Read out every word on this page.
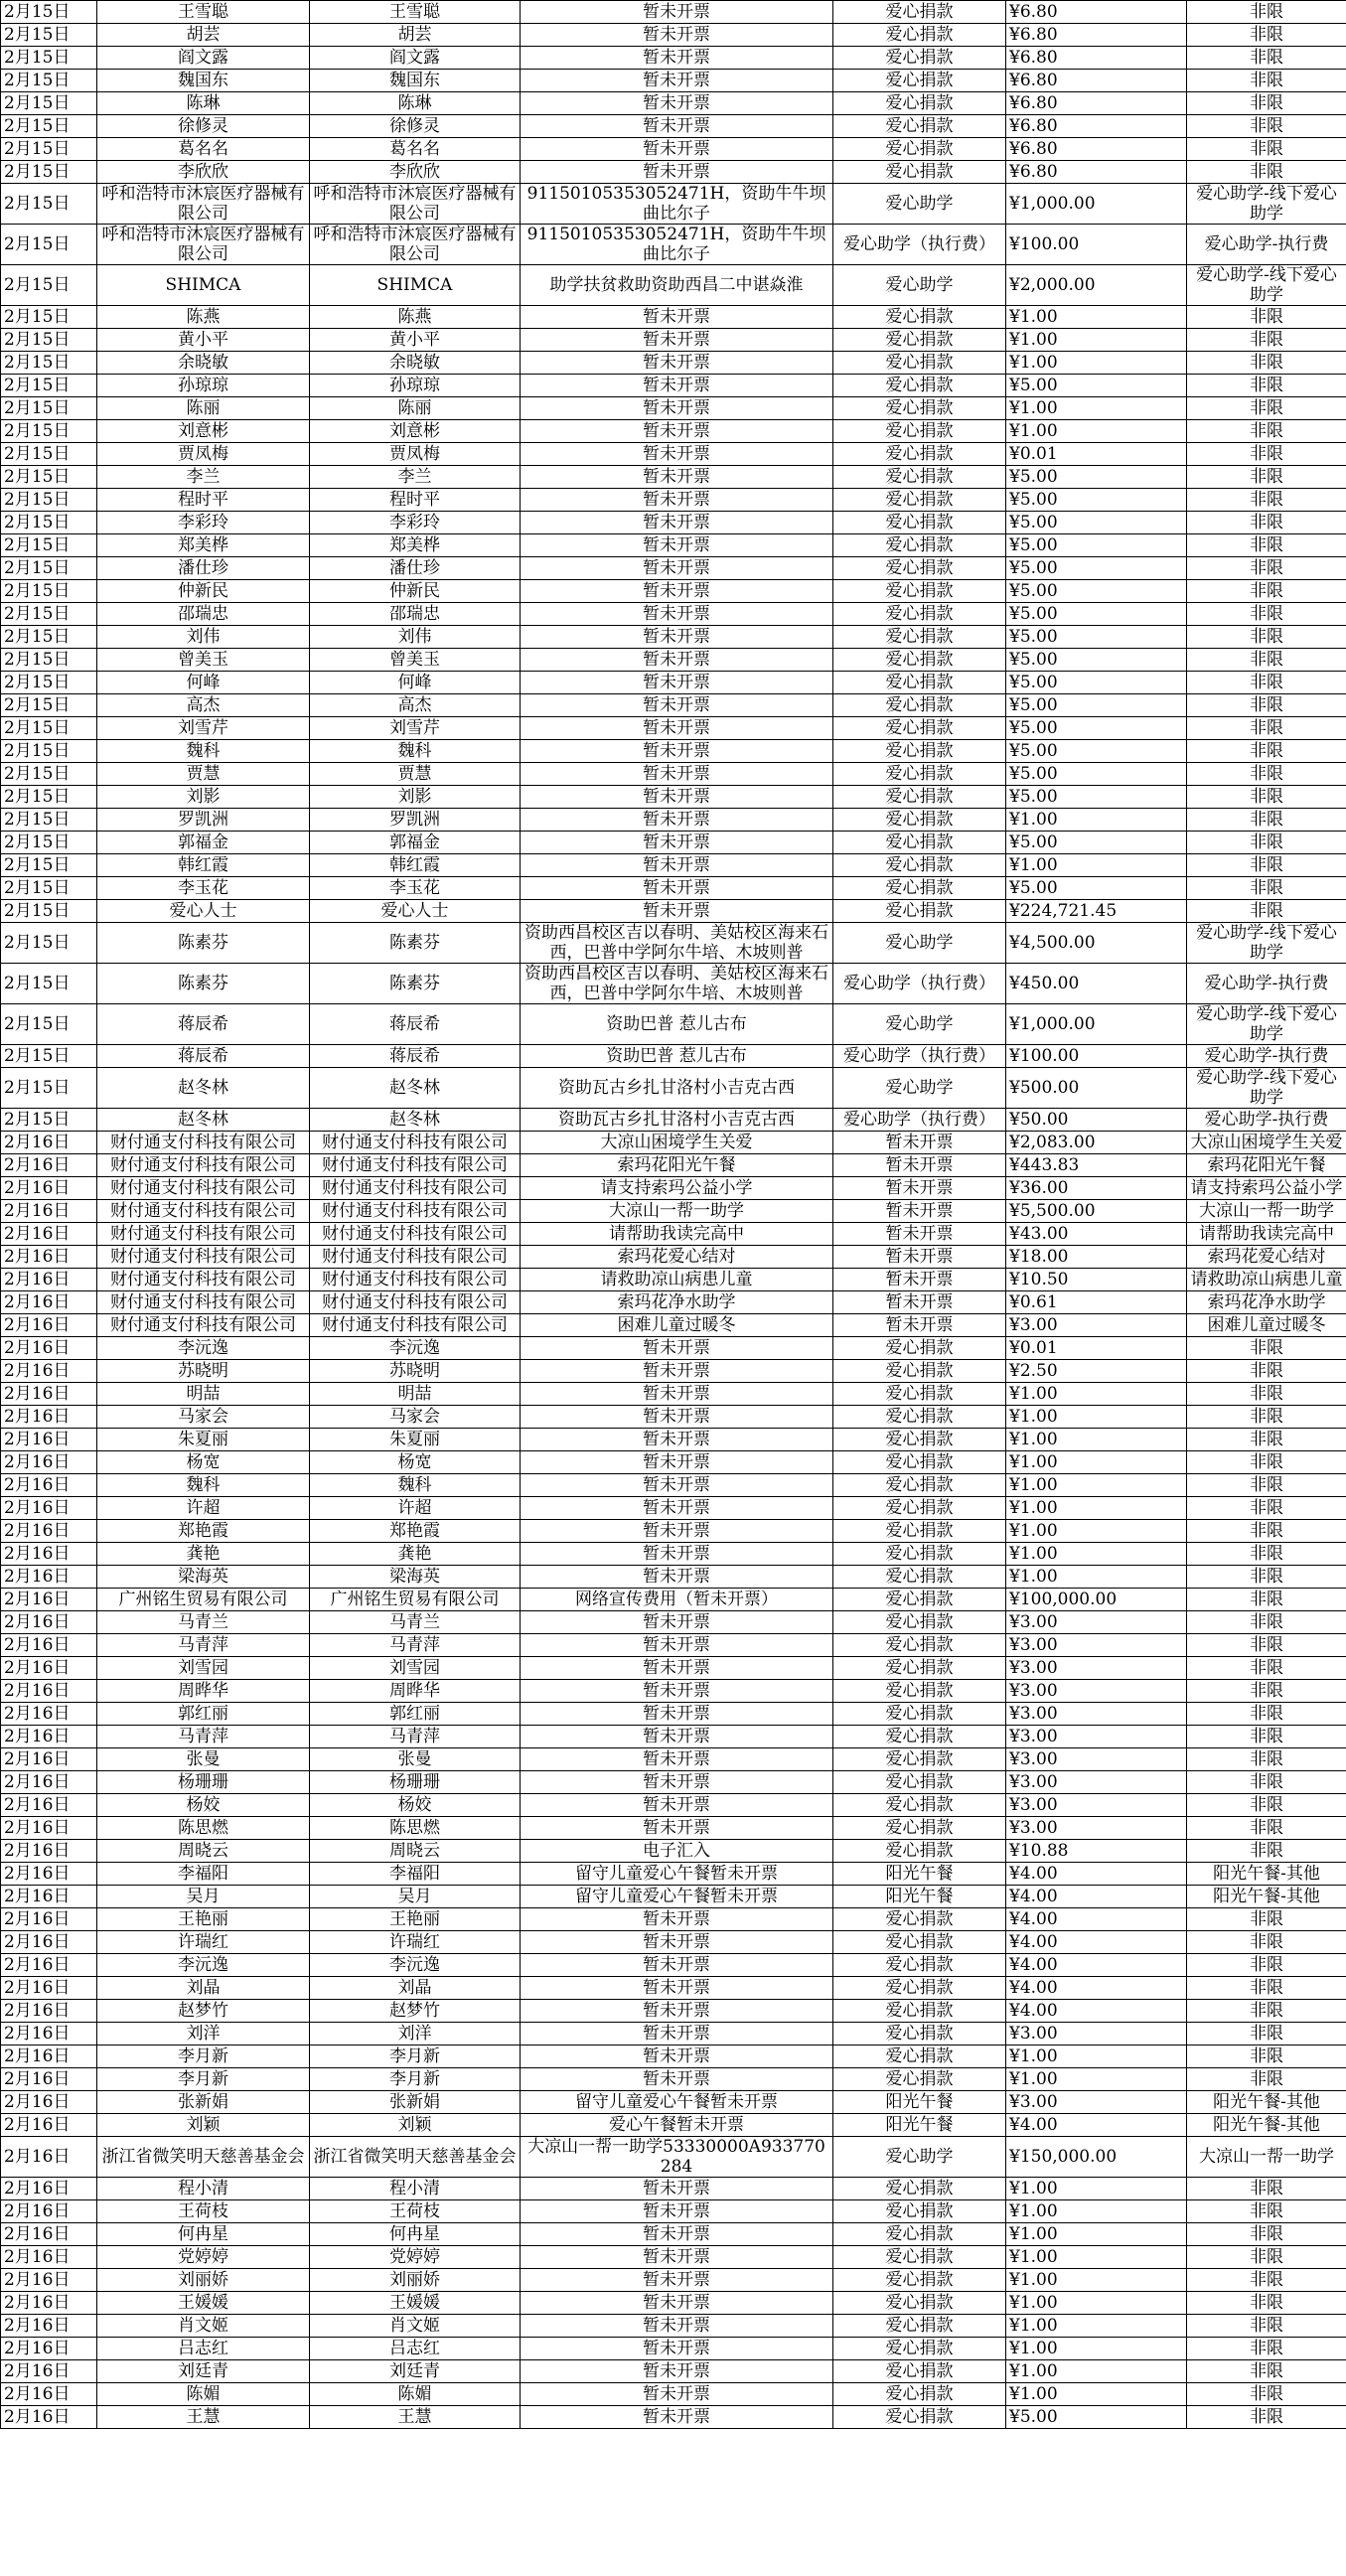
2月15日	王雪聪	王雪聪	暂未开票	爱心捐款	¥6.80	非限
2月15日	胡芸	胡芸	暂未开票	爱心捐款	¥6.80	非限
2月15日	阎文露	阎文露	暂未开票	爱心捐款	¥6.80	非限
2月15日	魏国东	魏国东	暂未开票	爱心捐款	¥6.80	非限
2月15日	陈琳	陈琳	暂未开票	爱心捐款	¥6.80	非限
2月15日	徐修灵	徐修灵	暂未开票	爱心捐款	¥6.80	非限
2月15日	葛名名	葛名名	暂未开票	爱心捐款	¥6.80	非限
2月15日	李欣欣	李欣欣	暂未开票	爱心捐款	¥6.80	非限
2月15日	呼和浩特市沐宸医疗器械有限公司	呼和浩特市沐宸医疗器械有限公司	91150105353052471H，资助牛牛坝曲比尔子	爱心助学	¥1,000.00	爱心助学-线下爱心助学
2月15日	呼和浩特市沐宸医疗器械有限公司	呼和浩特市沐宸医疗器械有限公司	91150105353052471H，资助牛牛坝曲比尔子	爱心助学（执行费）	¥100.00	爱心助学-执行费
2月15日	SHIMCA	SHIMCA	助学扶贫救助资助西昌二中谌焱淮	爱心助学	¥2,000.00	爱心助学-线下爱心助学
2月15日	陈燕	陈燕	暂未开票	爱心捐款	¥1.00	非限
2月15日	黄小平	黄小平	暂未开票	爱心捐款	¥1.00	非限
2月15日	余晓敏	余晓敏	暂未开票	爱心捐款	¥1.00	非限
2月15日	孙琼琼	孙琼琼	暂未开票	爱心捐款	¥5.00	非限
2月15日	陈丽	陈丽	暂未开票	爱心捐款	¥1.00	非限
2月15日	刘意彬	刘意彬	暂未开票	爱心捐款	¥1.00	非限
2月15日	贾凤梅	贾凤梅	暂未开票	爱心捐款	¥0.01	非限
2月15日	李兰	李兰	暂未开票	爱心捐款	¥5.00	非限
2月15日	程时平	程时平	暂未开票	爱心捐款	¥5.00	非限
2月15日	李彩玲	李彩玲	暂未开票	爱心捐款	¥5.00	非限
2月15日	郑美桦	郑美桦	暂未开票	爱心捐款	¥5.00	非限
2月15日	潘仕珍	潘仕珍	暂未开票	爱心捐款	¥5.00	非限
2月15日	仲新民	仲新民	暂未开票	爱心捐款	¥5.00	非限
2月15日	邵瑞忠	邵瑞忠	暂未开票	爱心捐款	¥5.00	非限
2月15日	刘伟	刘伟	暂未开票	爱心捐款	¥5.00	非限
2月15日	曾美玉	曾美玉	暂未开票	爱心捐款	¥5.00	非限
2月15日	何峰	何峰	暂未开票	爱心捐款	¥5.00	非限
2月15日	高杰	高杰	暂未开票	爱心捐款	¥5.00	非限
2月15日	刘雪芹	刘雪芹	暂未开票	爱心捐款	¥5.00	非限
2月15日	魏科	魏科	暂未开票	爱心捐款	¥5.00	非限
2月15日	贾慧	贾慧	暂未开票	爱心捐款	¥5.00	非限
2月15日	刘影	刘影	暂未开票	爱心捐款	¥5.00	非限
2月15日	罗凯洲	罗凯洲	暂未开票	爱心捐款	¥1.00	非限
2月15日	郭福金	郭福金	暂未开票	爱心捐款	¥5.00	非限
2月15日	韩红霞	韩红霞	暂未开票	爱心捐款	¥1.00	非限
2月15日	李玉花	李玉花	暂未开票	爱心捐款	¥5.00	非限
2月15日	爱心人士	爱心人士	暂未开票	爱心捐款	¥224,721.45	非限
2月15日	陈素芬	陈素芬	资助西昌校区吉以春明、美姑校区海来石西，巴普中学阿尔牛培、木坡则普	爱心助学	¥4,500.00	爱心助学-线下爱心助学
2月15日	陈素芬	陈素芬	资助西昌校区吉以春明、美姑校区海来石西，巴普中学阿尔牛培、木坡则普	爱心助学（执行费）	¥450.00	爱心助学-执行费
2月15日	蒋辰希	蒋辰希	资助巴普 惹儿古布	爱心助学	¥1,000.00	爱心助学-线下爱心助学
2月15日	蒋辰希	蒋辰希	资助巴普 惹儿古布	爱心助学（执行费）	¥100.00	爱心助学-执行费
2月15日	赵冬林	赵冬林	资助瓦古乡扎甘洛村小吉克古西	爱心助学	¥500.00	爱心助学-线下爱心助学
2月15日	赵冬林	赵冬林	资助瓦古乡扎甘洛村小吉克古西	爱心助学（执行费）	¥50.00	爱心助学-执行费
2月16日	财付通支付科技有限公司	财付通支付科技有限公司	大凉山困境学生关爱	暂未开票	¥2,083.00	大凉山困境学生关爱
2月16日	财付通支付科技有限公司	财付通支付科技有限公司	索玛花阳光午餐	暂未开票	¥443.83	索玛花阳光午餐
2月16日	财付通支付科技有限公司	财付通支付科技有限公司	请支持索玛公益小学	暂未开票	¥36.00	请支持索玛公益小学
2月16日	财付通支付科技有限公司	财付通支付科技有限公司	大凉山一帮一助学	暂未开票	¥5,500.00	大凉山一帮一助学
2月16日	财付通支付科技有限公司	财付通支付科技有限公司	请帮助我读完高中	暂未开票	¥43.00	请帮助我读完高中
2月16日	财付通支付科技有限公司	财付通支付科技有限公司	索玛花爱心结对	暂未开票	¥18.00	索玛花爱心结对
2月16日	财付通支付科技有限公司	财付通支付科技有限公司	请救助凉山病患儿童	暂未开票	¥10.50	请救助凉山病患儿童
2月16日	财付通支付科技有限公司	财付通支付科技有限公司	索玛花净水助学	暂未开票	¥0.61	索玛花净水助学
2月16日	财付通支付科技有限公司	财付通支付科技有限公司	困难儿童过暖冬	暂未开票	¥3.00	困难儿童过暖冬
2月16日	李沅逸	李沅逸	暂未开票	爱心捐款	¥0.01	非限
2月16日	苏晓明	苏晓明	暂未开票	爱心捐款	¥2.50	非限
2月16日	明喆	明喆	暂未开票	爱心捐款	¥1.00	非限
2月16日	马家会	马家会	暂未开票	爱心捐款	¥1.00	非限
2月16日	朱夏丽	朱夏丽	暂未开票	爱心捐款	¥1.00	非限
2月16日	杨宽	杨宽	暂未开票	爱心捐款	¥1.00	非限
2月16日	魏科	魏科	暂未开票	爱心捐款	¥1.00	非限
2月16日	许超	许超	暂未开票	爱心捐款	¥1.00	非限
2月16日	郑艳霞	郑艳霞	暂未开票	爱心捐款	¥1.00	非限
2月16日	龚艳	龚艳	暂未开票	爱心捐款	¥1.00	非限
2月16日	梁海英	梁海英	暂未开票	爱心捐款	¥1.00	非限
2月16日	广州铭生贸易有限公司	广州铭生贸易有限公司	网络宣传费用（暂未开票）	爱心捐款	¥100,000.00	非限
2月16日	马青兰	马青兰	暂未开票	爱心捐款	¥3.00	非限
2月16日	马青萍	马青萍	暂未开票	爱心捐款	¥3.00	非限
2月16日	刘雪园	刘雪园	暂未开票	爱心捐款	¥3.00	非限
2月16日	周晔华	周晔华	暂未开票	爱心捐款	¥3.00	非限
2月16日	郭红丽	郭红丽	暂未开票	爱心捐款	¥3.00	非限
2月16日	马青萍	马青萍	暂未开票	爱心捐款	¥3.00	非限
2月16日	张曼	张曼	暂未开票	爱心捐款	¥3.00	非限
2月16日	杨珊珊	杨珊珊	暂未开票	爱心捐款	¥3.00	非限
2月16日	杨姣	杨姣	暂未开票	爱心捐款	¥3.00	非限
2月16日	陈思燃	陈思燃	暂未开票	爱心捐款	¥3.00	非限
2月16日	周晓云	周晓云	电子汇入	爱心捐款	¥10.88	非限
2月16日	李福阳	李福阳	留守儿童爱心午餐暂未开票	阳光午餐	¥4.00	阳光午餐-其他
2月16日	吴月	吴月	留守儿童爱心午餐暂未开票	阳光午餐	¥4.00	阳光午餐-其他
2月16日	王艳丽	王艳丽	暂未开票	爱心捐款	¥4.00	非限
2月16日	许瑞红	许瑞红	暂未开票	爱心捐款	¥4.00	非限
2月16日	李沅逸	李沅逸	暂未开票	爱心捐款	¥4.00	非限
2月16日	刘晶	刘晶	暂未开票	爱心捐款	¥4.00	非限
2月16日	赵梦竹	赵梦竹	暂未开票	爱心捐款	¥4.00	非限
2月16日	刘洋	刘洋	暂未开票	爱心捐款	¥3.00	非限
2月16日	李月新	李月新	暂未开票	爱心捐款	¥1.00	非限
2月16日	李月新	李月新	暂未开票	爱心捐款	¥1.00	非限
2月16日	张新娟	张新娟	留守儿童爱心午餐暂未开票	阳光午餐	¥3.00	阳光午餐-其他
2月16日	刘颖	刘颖	爱心午餐暂未开票	阳光午餐	¥4.00	阳光午餐-其他
2月16日	浙江省微笑明天慈善基金会	浙江省微笑明天慈善基金会	大凉山一帮一助学53330000A933770284	爱心助学	¥150,000.00	大凉山一帮一助学
2月16日	程小清	程小清	暂未开票	爱心捐款	¥1.00	非限
2月16日	王荷枝	王荷枝	暂未开票	爱心捐款	¥1.00	非限
2月16日	何冉星	何冉星	暂未开票	爱心捐款	¥1.00	非限
2月16日	党婷婷	党婷婷	暂未开票	爱心捐款	¥1.00	非限
2月16日	刘丽娇	刘丽娇	暂未开票	爱心捐款	¥1.00	非限
2月16日	王媛媛	王媛媛	暂未开票	爱心捐款	¥1.00	非限
2月16日	肖文姬	肖文姬	暂未开票	爱心捐款	¥1.00	非限
2月16日	吕志红	吕志红	暂未开票	爱心捐款	¥1.00	非限
2月16日	刘廷青	刘廷青	暂未开票	爱心捐款	¥1.00	非限
2月16日	陈媚	陈媚	暂未开票	爱心捐款	¥1.00	非限
2月16日	王慧	王慧	暂未开票	爱心捐款	¥5.00	非限
